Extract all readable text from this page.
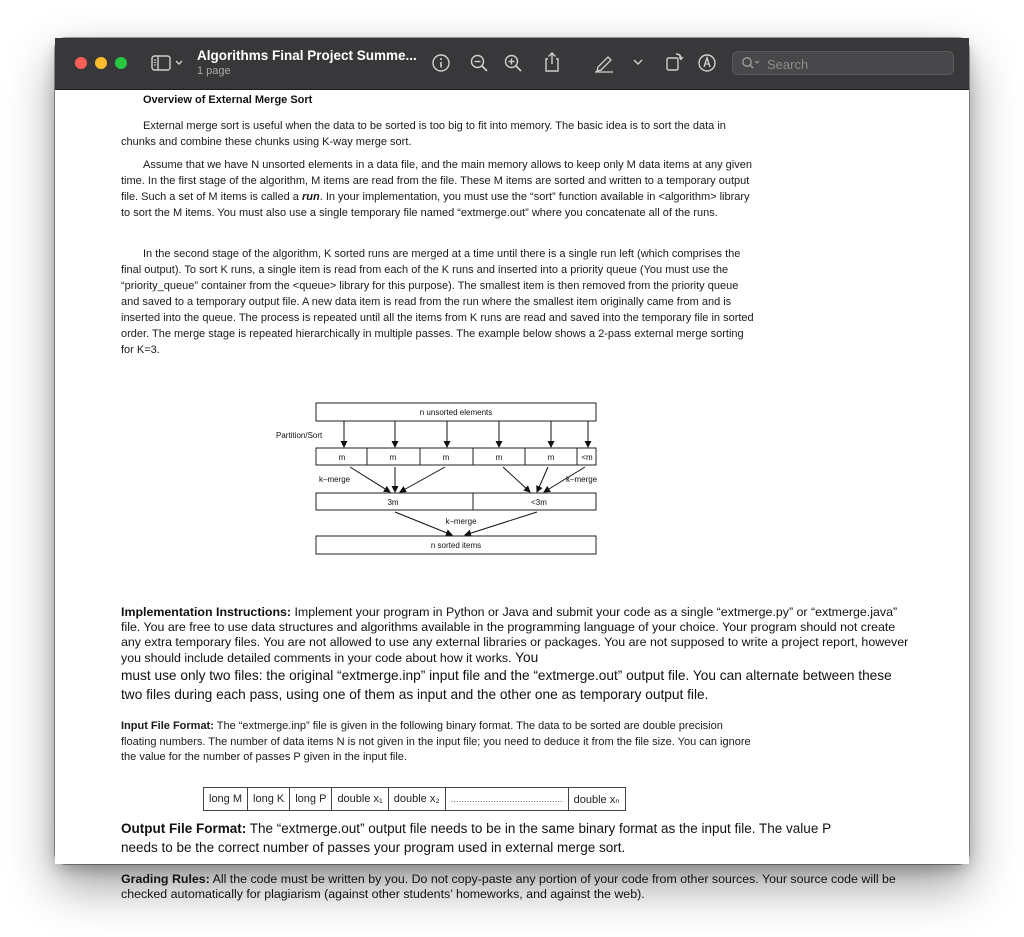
Algorithms Final Project Summe...
1 page
Search
Overview of External Merge Sort

External merge sort is useful when the data to be sorted is too big to fit into memory. The basic idea is to sort the data in chunks and combine these chunks using K-way merge sort.

Assume that we have N unsorted elements in a data file, and the main memory allows to keep only M data items at any given time. In the first stage of the algorithm, M items are read from the file. These M items are sorted and written to a temporary output file. Such a set of M items is called a run. In your implementation, you must use the “sort” function available in <algorithm> library to sort the M items. You must also use a single temporary file named “extmerge.out” where you concatenate all of the runs.

In the second stage of the algorithm, K sorted runs are merged at a time until there is a single run left (which comprises the final output). To sort K runs, a single item is read from each of the K runs and inserted into a priority queue (You must use the “priority_queue” container from the <queue> library for this purpose). The smallest item is then removed from the priority queue and saved to a temporary output file. A new data item is read from the run where the smallest item originally came from and is inserted into the queue. The process is repeated until all the items from K runs are read and saved into the temporary file in sorted order. The merge stage is repeated hierarchically in multiple passes. The example below shows a 2-pass external merge sorting for K=3.

n unsorted elements
Partition/Sort
m	m	m	m	m	<m
k–merge	k–merge
3m	<3m
k–merge
n sorted items

Implementation Instructions: Implement your program in Python or Java and submit your code as a single “extmerge.py” or “extmerge.java” file. You are free to use data structures and algorithms available in the programming language of your choice. Your program should not create any extra temporary files. You are not allowed to use any external libraries or packages. You are not supposed to write a project report, however you should include detailed comments in your code about how it works. You

must use only two files: the original “extmerge.inp” input file and the “extmerge.out” output file. You can alternate between these two files during each pass, using one of them as input and the other one as temporary output file.

Input File Format: The “extmerge.inp” file is given in the following binary format. The data to be sorted are double precision floating numbers. The number of data items N is not given in the input file; you need to deduce it from the file size. You can ignore the value for the number of passes P given in the input file.

long M	long K	long P	double x₁	double x₂	……………………………………	double xₙ

Output File Format: The “extmerge.out” output file needs to be in the same binary format as the input file. The value P needs to be the correct number of passes your program used in external merge sort.

Grading Rules: All the code must be written by you. Do not copy-paste any portion of your code from other sources. Your source code will be checked automatically for plagiarism (against other students’ homeworks, and against the web).
